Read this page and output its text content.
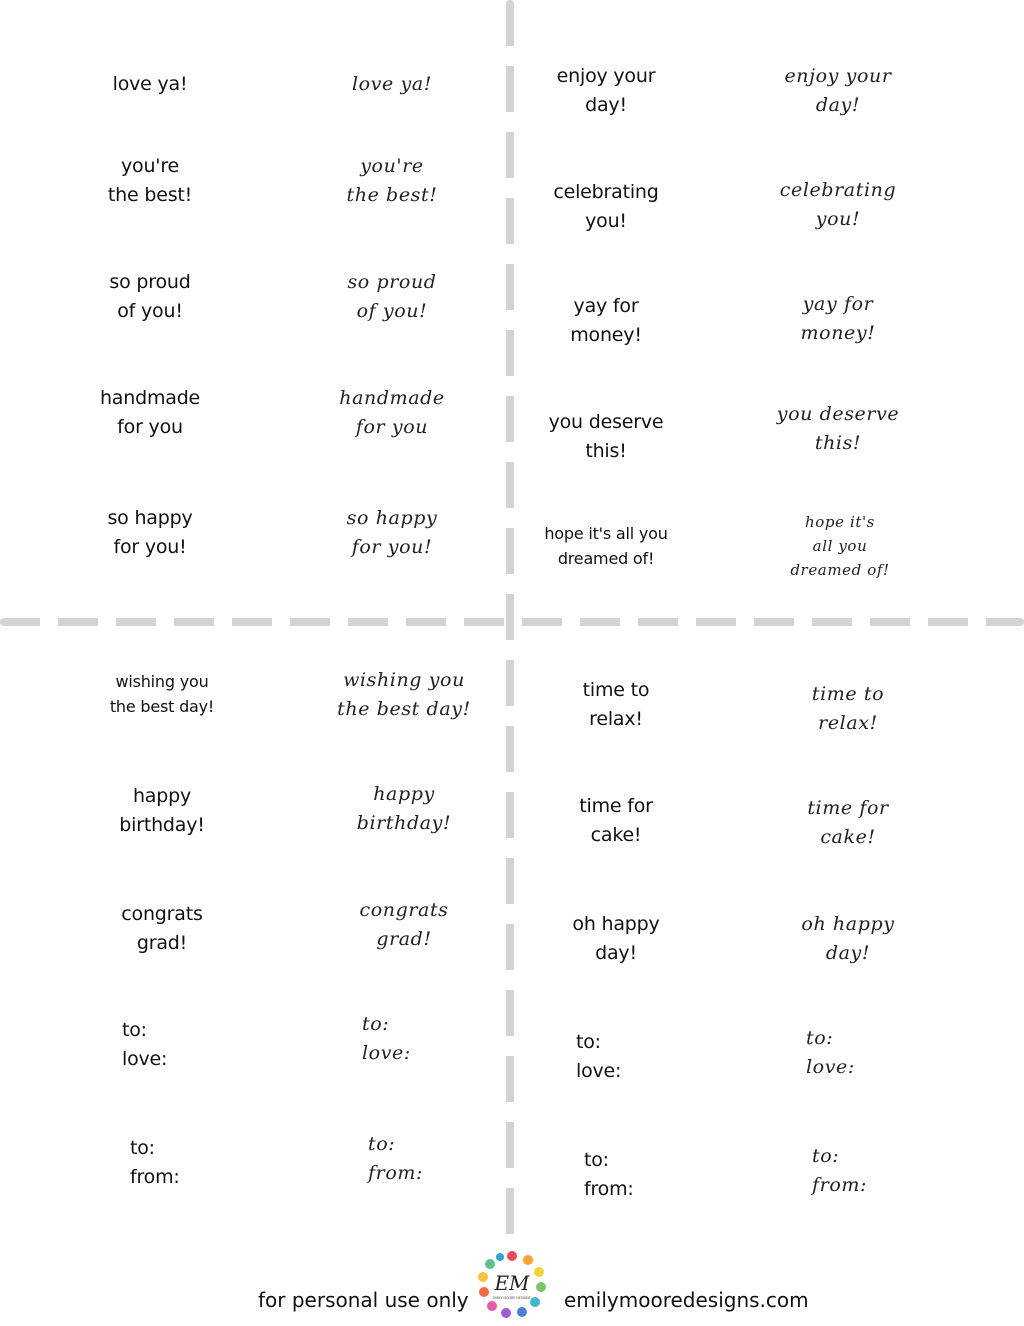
love ya!	love ya!
you're
the best!
you're
the best!
so proud
of you!
so proud
of you!
handmade
for you
handmade
for you
so happy
for you!
so happy
for you!
enjoy your
day!
enjoy your
day!
celebrating
you!
celebrating
you!
yay for
money!
yay for
money!
you deserve
this!
you deserve
this!
hope it's all you
dreamed of!
hope it's
all you
dreamed of!
wishing you
the best day!
wishing you
the best day!
happy
birthday!
happy
birthday!
congrats
grad!
congrats
grad!
to:
love:
to:
love:
to:
from:
to:
from:
time to
relax!
time to
relax!
time for
cake!
time for
cake!
oh happy
day!
oh happy
day!
to:
love:
to:
love:
to:
from:
to:
from:
for personal use only
EM
EMILY MOORE DESIGNS emilymooredesigns.com
